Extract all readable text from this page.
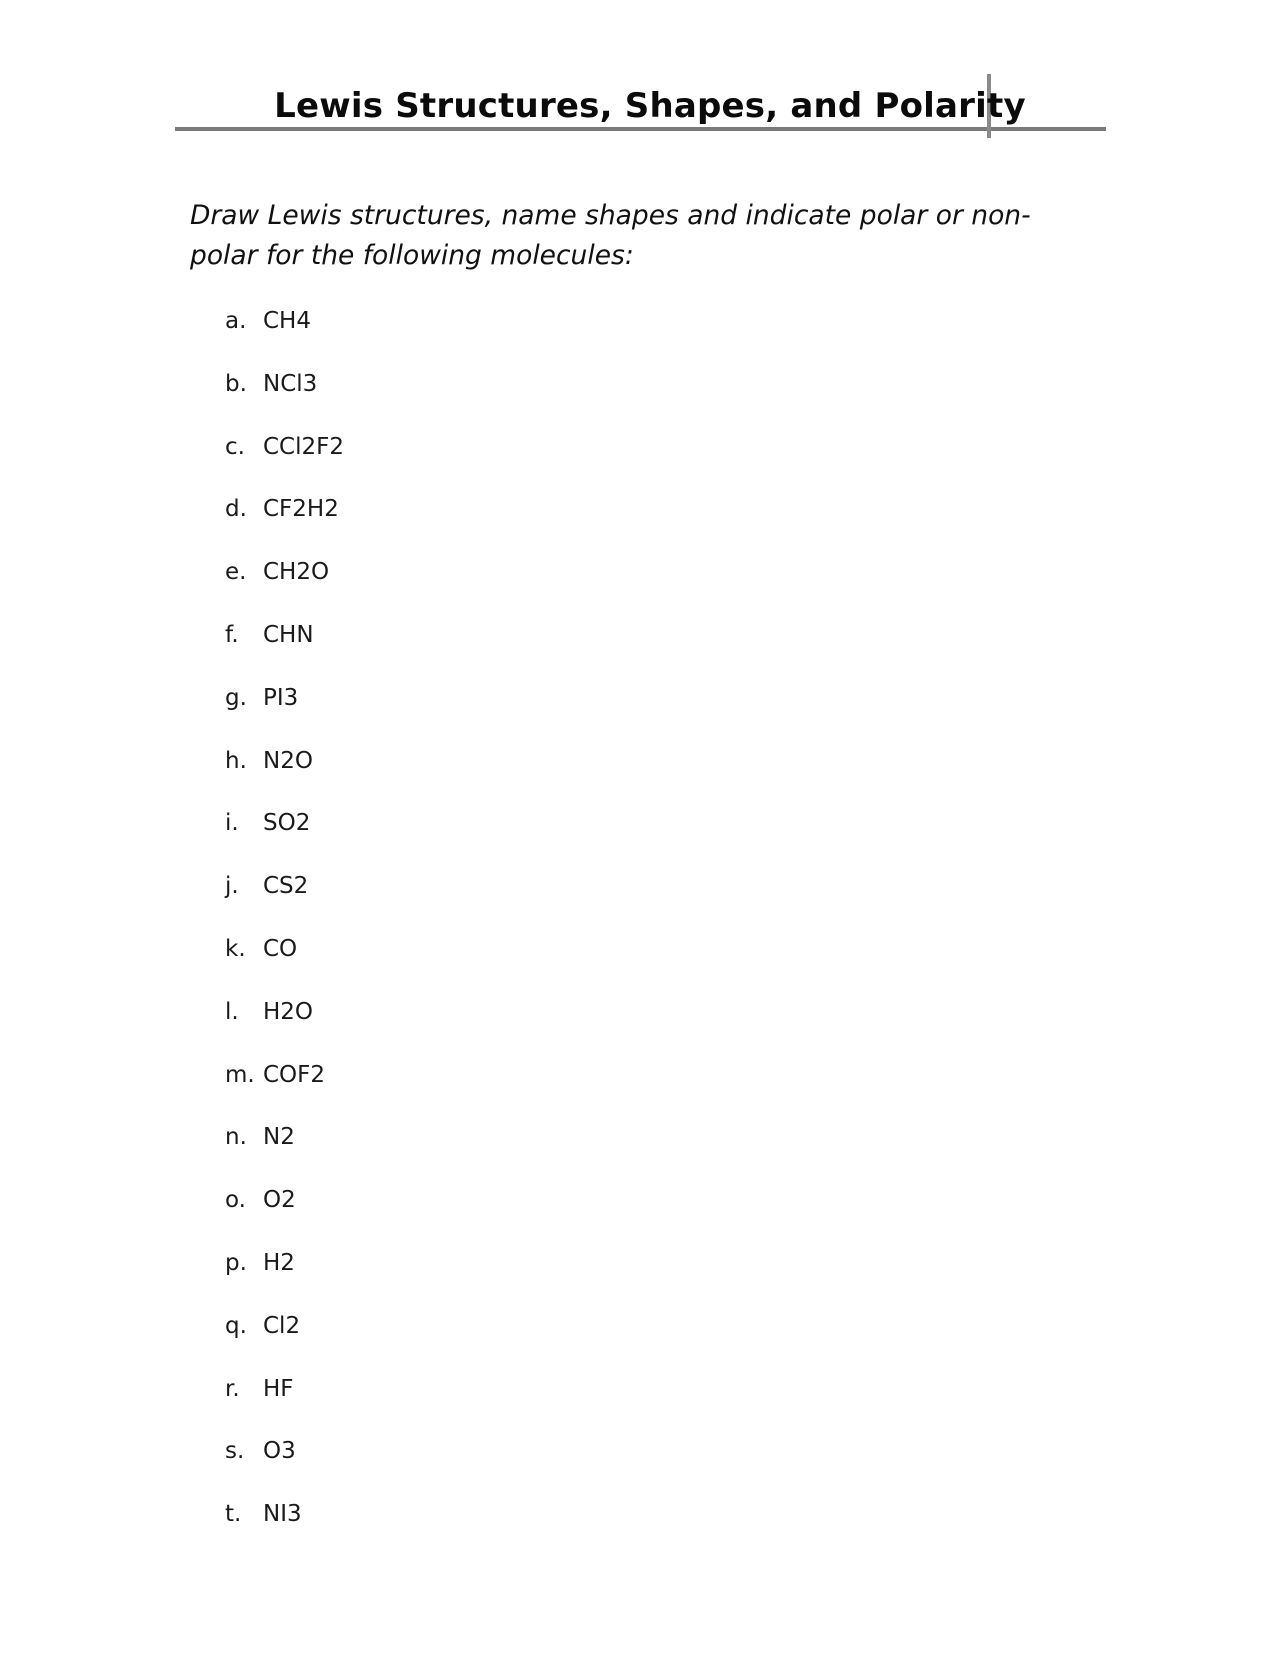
Lewis Structures, Shapes, and Polarity

Draw Lewis structures, name shapes and indicate polar or non-polar for the following molecules:

a. CH4
b. NCl3
c. CCl2F2
d. CF2H2
e. CH2O
f.	CHN
g. PI3
h. N2O
i.	SO2
j.	CS2
k. CO
l.	H2O
m. COF2
n. N2
o. O2
p. H2
q. Cl2
r.	HF
s. O3
t. NI3
